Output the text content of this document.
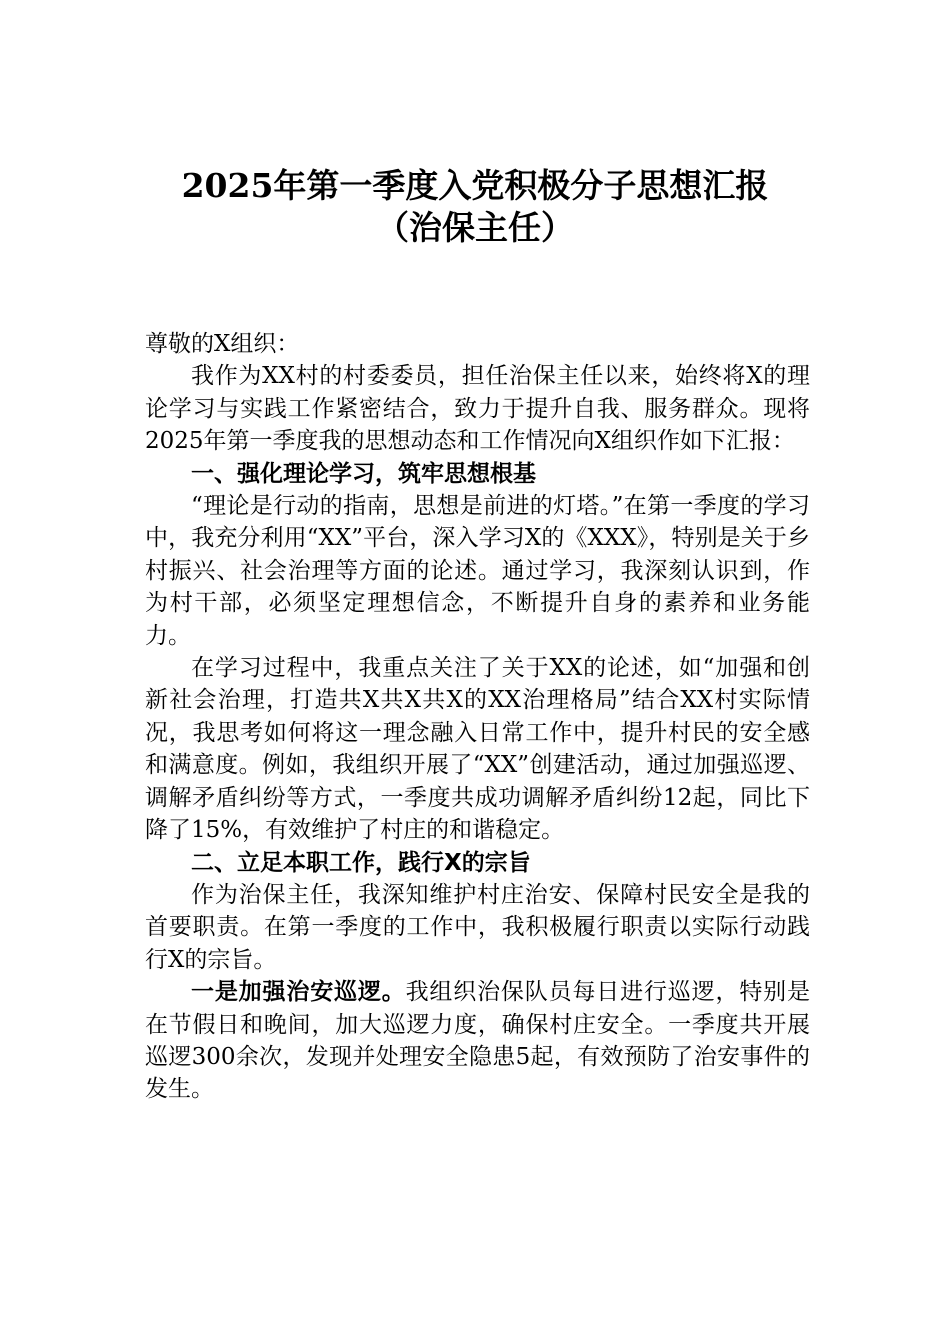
2025年第一季度入党积极分子思想汇报
（治保主任）

尊敬的X组织：

我作为XX村的村委委员，担任治保主任以来，始终将X的理论学习与实践工作紧密结合，致力于提升自我、服务群众。现将2025年第一季度我的思想动态和工作情况向X组织作如下汇报：

一、强化理论学习，筑牢思想根基

“理论是行动的指南，思想是前进的灯塔。”在第一季度的学习中，我充分利用“XX”平台，深入学习X的《XXX》，特别是关于乡村振兴、社会治理等方面的论述。通过学习，我深刻认识到，作为村干部，必须坚定理想信念，不断提升自身的素养和业务能力。

在学习过程中，我重点关注了关于XX的论述，如“加强和创新社会治理，打造共X共X共X的XX治理格局”结合XX村实际情况，我思考如何将这一理念融入日常工作中，提升村民的安全感和满意度。例如，我组织开展了“XX”创建活动，通过加强巡逻、调解矛盾纠纷等方式，一季度共成功调解矛盾纠纷12起，同比下降了15%，有效维护了村庄的和谐稳定。

二、立足本职工作，践行X的宗旨

作为治保主任，我深知维护村庄治安、保障村民安全是我的首要职责。在第一季度的工作中，我积极履行职责以实际行动践行X的宗旨。

一是加强治安巡逻。我组织治保队员每日进行巡逻，特别是在节假日和晚间，加大巡逻力度，确保村庄安全。一季度共开展巡逻300余次，发现并处理安全隐患5起，有效预防了治安事件的发生。
